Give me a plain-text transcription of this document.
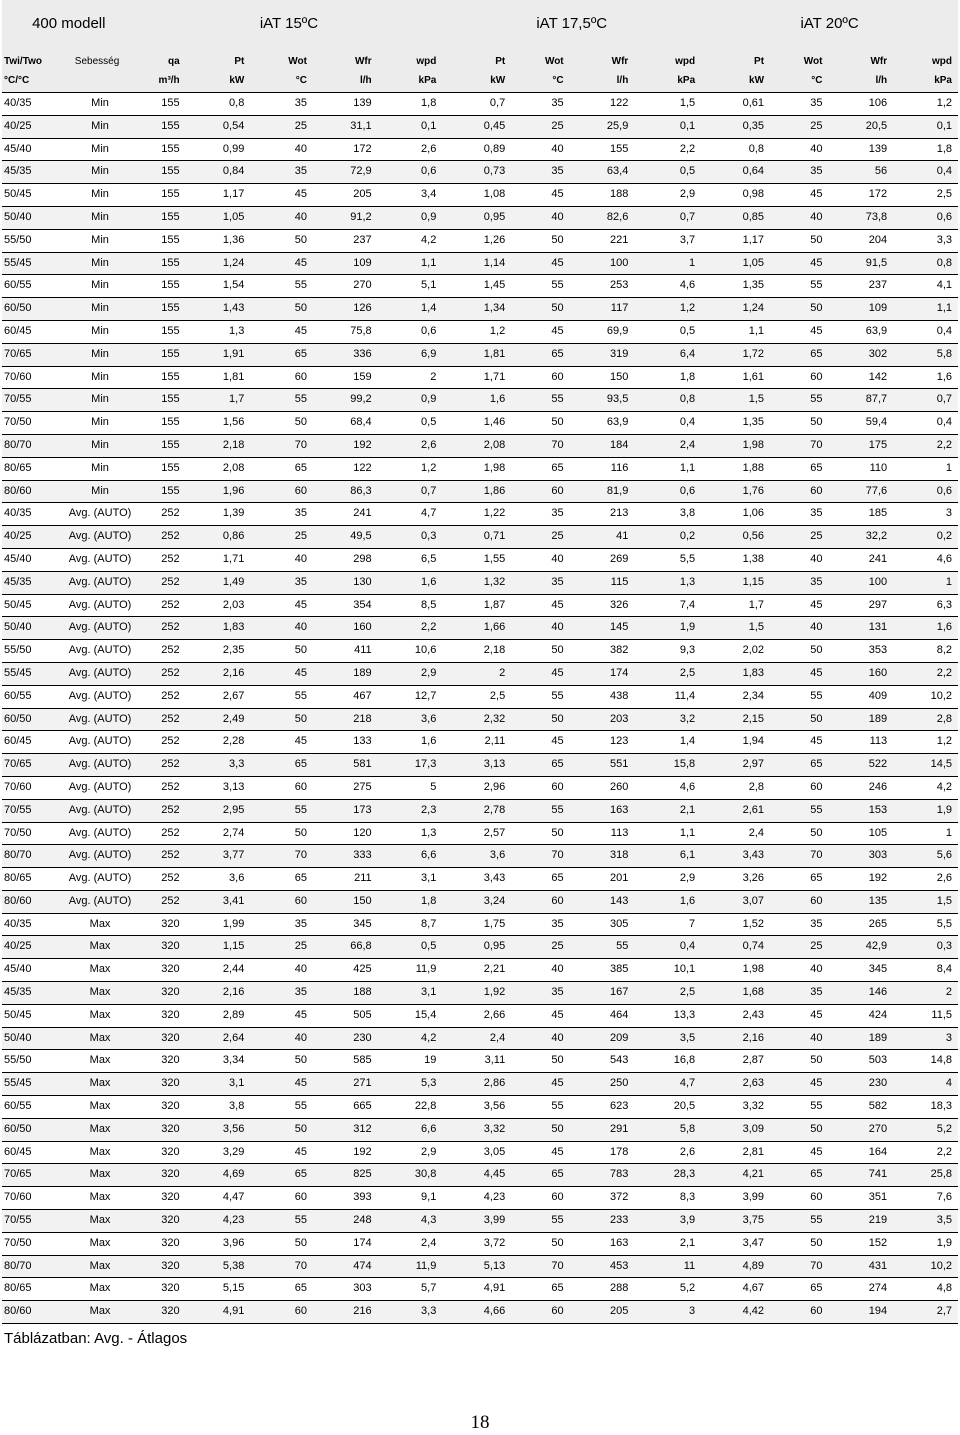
400 modell		iAT 15ºC					iAT 17,5ºC				iAT 20ºC			
Twi/Two	Sebesség	qa	Pt	Wot	Wfr	wpd	Pt	Wot	Wfr	wpd	Pt	Wot	Wfr	wpd
°C/°C		m³/h	kW	°C	l/h	kPa	kW	°C	l/h	kPa	kW	°C	l/h	kPa
40/35	Min	155	0,8	35	139	1,8	0,7	35	122	1,5	0,61	35	106	1,2
40/25	Min	155	0,54	25	31,1	0,1	0,45	25	25,9	0,1	0,35	25	20,5	0,1
45/40	Min	155	0,99	40	172	2,6	0,89	40	155	2,2	0,8	40	139	1,8
45/35	Min	155	0,84	35	72,9	0,6	0,73	35	63,4	0,5	0,64	35	56	0,4
50/45	Min	155	1,17	45	205	3,4	1,08	45	188	2,9	0,98	45	172	2,5
50/40	Min	155	1,05	40	91,2	0,9	0,95	40	82,6	0,7	0,85	40	73,8	0,6
55/50	Min	155	1,36	50	237	4,2	1,26	50	221	3,7	1,17	50	204	3,3
55/45	Min	155	1,24	45	109	1,1	1,14	45	100	1	1,05	45	91,5	0,8
60/55	Min	155	1,54	55	270	5,1	1,45	55	253	4,6	1,35	55	237	4,1
60/50	Min	155	1,43	50	126	1,4	1,34	50	117	1,2	1,24	50	109	1,1
60/45	Min	155	1,3	45	75,8	0,6	1,2	45	69,9	0,5	1,1	45	63,9	0,4
70/65	Min	155	1,91	65	336	6,9	1,81	65	319	6,4	1,72	65	302	5,8
70/60	Min	155	1,81	60	159	2	1,71	60	150	1,8	1,61	60	142	1,6
70/55	Min	155	1,7	55	99,2	0,9	1,6	55	93,5	0,8	1,5	55	87,7	0,7
70/50	Min	155	1,56	50	68,4	0,5	1,46	50	63,9	0,4	1,35	50	59,4	0,4
80/70	Min	155	2,18	70	192	2,6	2,08	70	184	2,4	1,98	70	175	2,2
80/65	Min	155	2,08	65	122	1,2	1,98	65	116	1,1	1,88	65	110	1
80/60	Min	155	1,96	60	86,3	0,7	1,86	60	81,9	0,6	1,76	60	77,6	0,6
40/35	Avg. (AUTO)	252	1,39	35	241	4,7	1,22	35	213	3,8	1,06	35	185	3
40/25	Avg. (AUTO)	252	0,86	25	49,5	0,3	0,71	25	41	0,2	0,56	25	32,2	0,2
45/40	Avg. (AUTO)	252	1,71	40	298	6,5	1,55	40	269	5,5	1,38	40	241	4,6
45/35	Avg. (AUTO)	252	1,49	35	130	1,6	1,32	35	115	1,3	1,15	35	100	1
50/45	Avg. (AUTO)	252	2,03	45	354	8,5	1,87	45	326	7,4	1,7	45	297	6,3
50/40	Avg. (AUTO)	252	1,83	40	160	2,2	1,66	40	145	1,9	1,5	40	131	1,6
55/50	Avg. (AUTO)	252	2,35	50	411	10,6	2,18	50	382	9,3	2,02	50	353	8,2
55/45	Avg. (AUTO)	252	2,16	45	189	2,9	2	45	174	2,5	1,83	45	160	2,2
60/55	Avg. (AUTO)	252	2,67	55	467	12,7	2,5	55	438	11,4	2,34	55	409	10,2
60/50	Avg. (AUTO)	252	2,49	50	218	3,6	2,32	50	203	3,2	2,15	50	189	2,8
60/45	Avg. (AUTO)	252	2,28	45	133	1,6	2,11	45	123	1,4	1,94	45	113	1,2
70/65	Avg. (AUTO)	252	3,3	65	581	17,3	3,13	65	551	15,8	2,97	65	522	14,5
70/60	Avg. (AUTO)	252	3,13	60	275	5	2,96	60	260	4,6	2,8	60	246	4,2
70/55	Avg. (AUTO)	252	2,95	55	173	2,3	2,78	55	163	2,1	2,61	55	153	1,9
70/50	Avg. (AUTO)	252	2,74	50	120	1,3	2,57	50	113	1,1	2,4	50	105	1
80/70	Avg. (AUTO)	252	3,77	70	333	6,6	3,6	70	318	6,1	3,43	70	303	5,6
80/65	Avg. (AUTO)	252	3,6	65	211	3,1	3,43	65	201	2,9	3,26	65	192	2,6
80/60	Avg. (AUTO)	252	3,41	60	150	1,8	3,24	60	143	1,6	3,07	60	135	1,5
40/35	Max	320	1,99	35	345	8,7	1,75	35	305	7	1,52	35	265	5,5
40/25	Max	320	1,15	25	66,8	0,5	0,95	25	55	0,4	0,74	25	42,9	0,3
45/40	Max	320	2,44	40	425	11,9	2,21	40	385	10,1	1,98	40	345	8,4
45/35	Max	320	2,16	35	188	3,1	1,92	35	167	2,5	1,68	35	146	2
50/45	Max	320	2,89	45	505	15,4	2,66	45	464	13,3	2,43	45	424	11,5
50/40	Max	320	2,64	40	230	4,2	2,4	40	209	3,5	2,16	40	189	3
55/50	Max	320	3,34	50	585	19	3,11	50	543	16,8	2,87	50	503	14,8
55/45	Max	320	3,1	45	271	5,3	2,86	45	250	4,7	2,63	45	230	4
60/55	Max	320	3,8	55	665	22,8	3,56	55	623	20,5	3,32	55	582	18,3
60/50	Max	320	3,56	50	312	6,6	3,32	50	291	5,8	3,09	50	270	5,2
60/45	Max	320	3,29	45	192	2,9	3,05	45	178	2,6	2,81	45	164	2,2
70/65	Max	320	4,69	65	825	30,8	4,45	65	783	28,3	4,21	65	741	25,8
70/60	Max	320	4,47	60	393	9,1	4,23	60	372	8,3	3,99	60	351	7,6
70/55	Max	320	4,23	55	248	4,3	3,99	55	233	3,9	3,75	55	219	3,5
70/50	Max	320	3,96	50	174	2,4	3,72	50	163	2,1	3,47	50	152	1,9
80/70	Max	320	5,38	70	474	11,9	5,13	70	453	11	4,89	70	431	10,2
80/65	Max	320	5,15	65	303	5,7	4,91	65	288	5,2	4,67	65	274	4,8
80/60	Max	320	4,91	60	216	3,3	4,66	60	205	3	4,42	60	194	2,7
Táblázatban: Avg. - Átlagos
18
